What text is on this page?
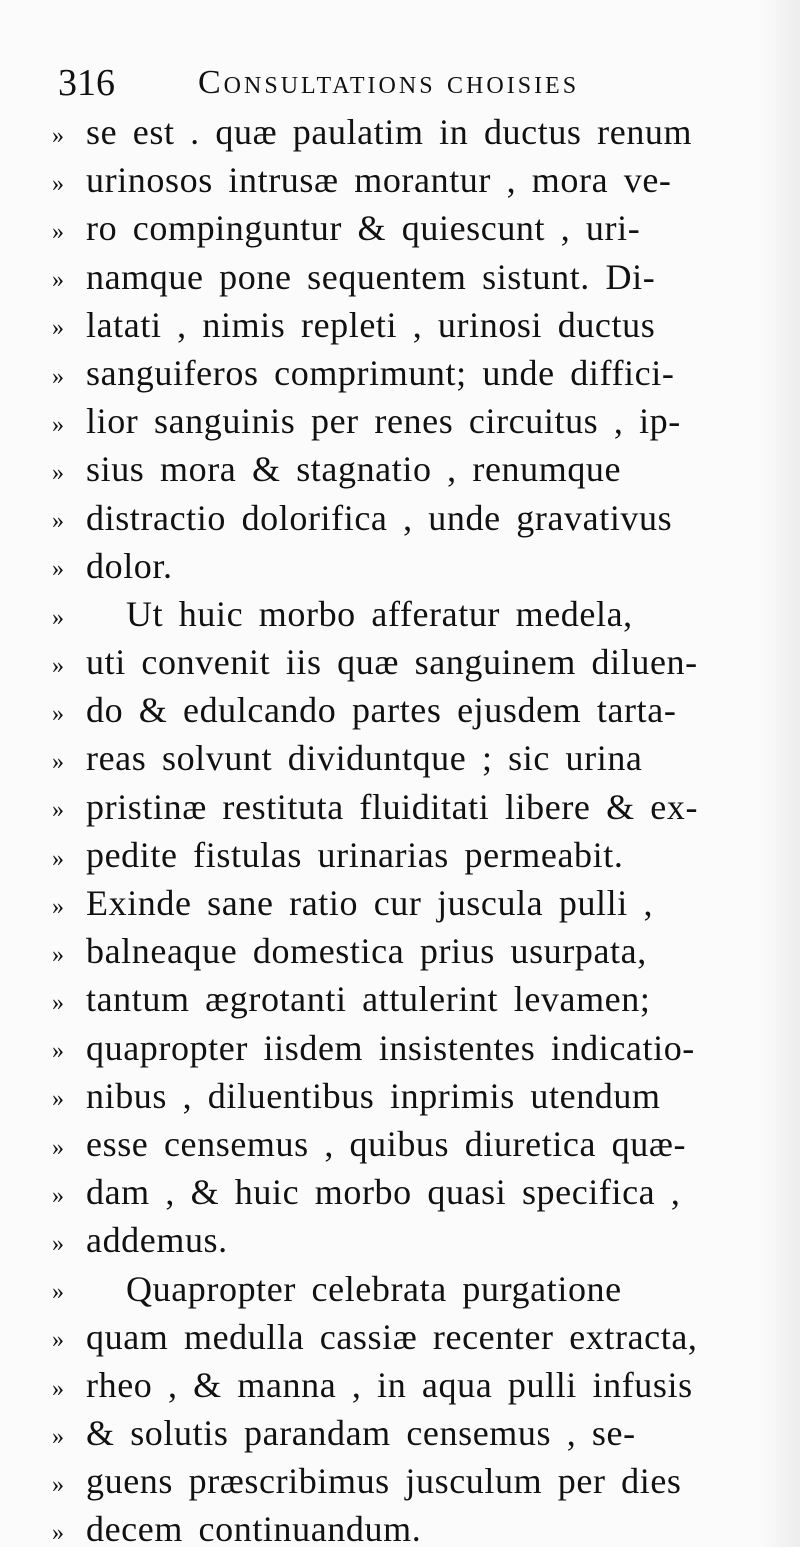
316 Consultations choisies
» se est . quæ paulatim in ductus renum
» urinosos intrusæ morantur , mora ve-
» ro compinguntur & quiescunt , uri-
» namque pone sequentem sistunt. Di-
» latati , nimis repleti , urinosi ductus
» sanguiferos comprimunt; unde diffici-
» lior sanguinis per renes circuitus , ip-
» sius mora & stagnatio , renumque
» distractio dolorifica , unde gravativus
» dolor.
» Ut huic morbo afferatur medela,
» uti convenit iis quæ sanguinem diluen-
» do & edulcando partes ejusdem tarta-
» reas solvunt dividuntque ; sic urina
» pristinæ restituta fluiditati libere & ex-
» pedite fistulas urinarias permeabit.
» Exinde sane ratio cur juscula pulli ,
» balneaque domestica prius usurpata,
» tantum ægrotanti attulerint levamen;
» quapropter iisdem insistentes indicatio-
» nibus , diluentibus inprimis utendum
» esse censemus , quibus diuretica quæ-
» dam , & huic morbo quasi specifica ,
» addemus.
» Quapropter celebrata purgatione
» quam medulla cassiæ recenter extracta,
» rheo , & manna , in aqua pulli infusis
» & solutis parandam censemus , se-
» guens præscribimus jusculum per dies
» decem continuandum.
